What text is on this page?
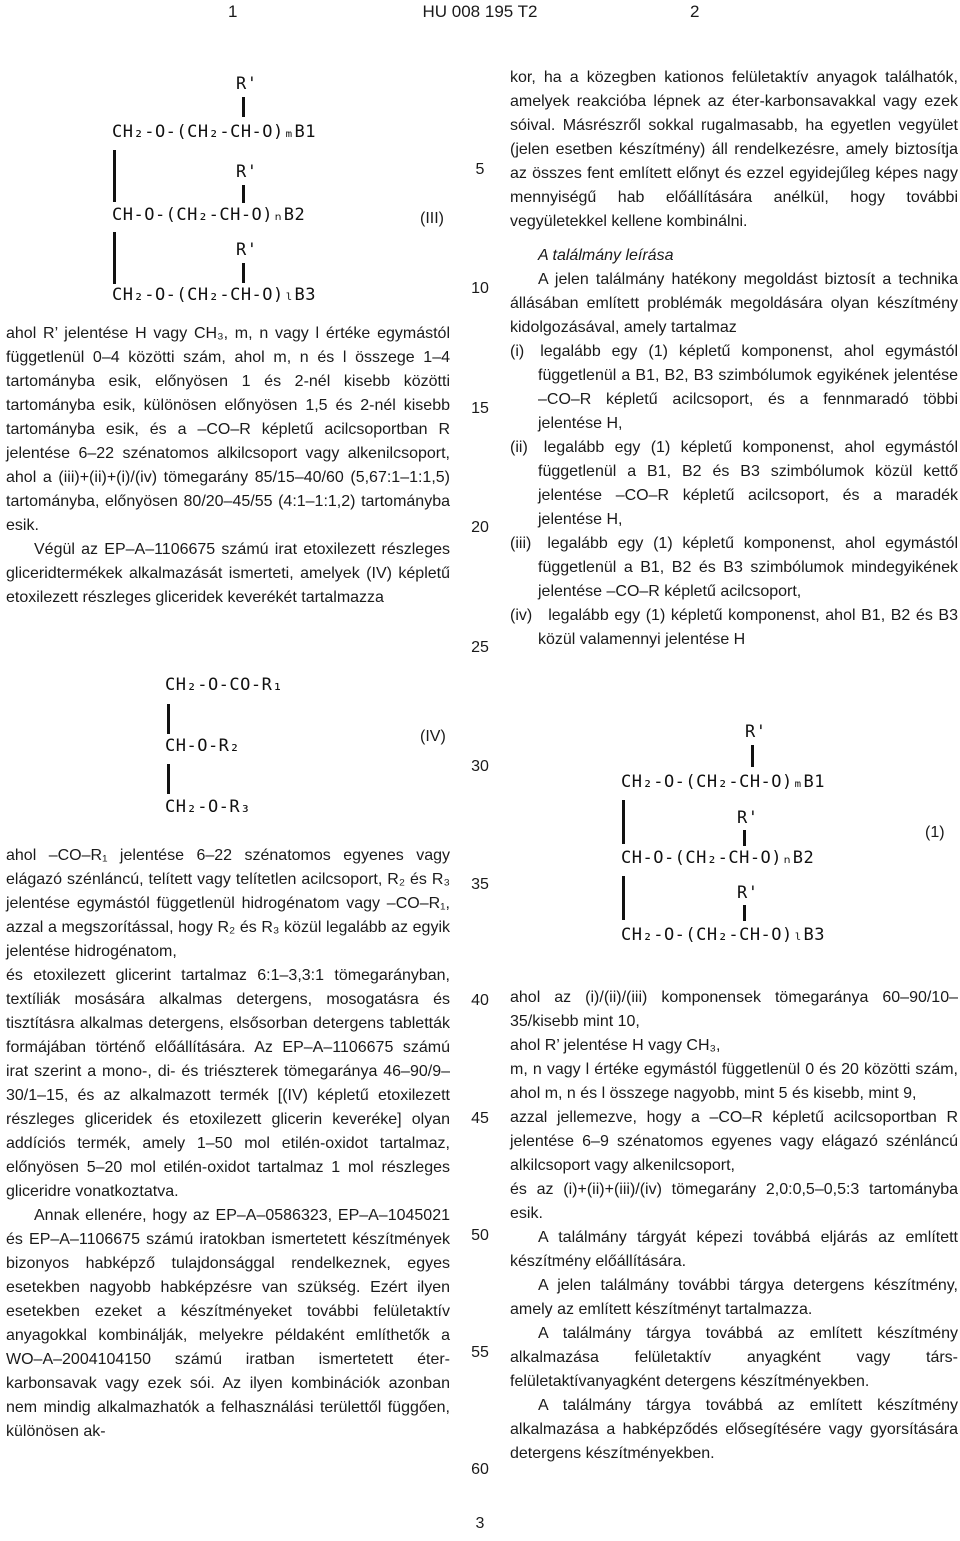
1	HU 008 195 T2	2
R'
CH₂-O-(CH₂-CH-O)ₘB1
R'
CH-O-(CH₂-CH-O)ₙB2
R'
CH₂-O-(CH₂-CH-O)ₗB3
(III)
CH₂-O-CO-R₁
CH-O-R₂
CH₂-O-R₃
(IV)	R'
CH₂-O-(CH₂-CH-O)ₘB1
R'
CH-O-(CH₂-CH-O)ₙB2
R'
CH₂-O-(CH₂-CH-O)ₗB3
(1)
5
10
15
20
25
30
35
40
45
50
55
60

ahol R’ jelentése H vagy CH₃, m, n vagy l értéke egymástól függetlenül 0–4 közötti szám, ahol m, n és l összege 1–4 tartományba esik, előnyösen 1 és 2-nél kisebb közötti tartományba esik, különösen előnyösen 1,5 és 2-nél kisebb tartományba esik, és a –CO–R képletű acilcsoportban R jelentése 6–22 szénatomos alkilcsoport vagy alkenilcsoport, ahol a (iii)+(ii)+(i)/(iv) tömegarány 85/15–40/60 (5,67:1–1:1,5) tartományba, előnyösen 80/20–45/55 (4:1–1:1,2) tartományba esik.

Végül az EP–A–1106675 számú irat etoxilezett részleges gliceridtermékek alkalmazását ismerteti, amelyek (IV) képletű etoxilezett részleges gliceridek keverékét tartalmazza

ahol –CO–R₁ jelentése 6–22 szénatomos egyenes vagy elágazó szénláncú, telített vagy telítetlen acilcsoport, R₂ és R₃ jelentése egymástól függetlenül hidrogénatom vagy –CO–R₁, azzal a megszorítással, hogy R₂ és R₃ közül legalább az egyik jelentése hidrogénatom,

és etoxilezett glicerint tartalmaz 6:1–3,3:1 tömegarányban, textíliák mosására alkalmas detergens, mosogatásra és tisztításra alkalmas detergens, elsősorban detergens tabletták formájában történő előállítására. Az EP–A–1106675 számú irat szerint a mono-, di- és triészterek tömegaránya 46–90/9–30/1–15, és az alkalmazott termék [(IV) képletű etoxilezett részleges gliceridek és etoxilezett glicerin keveréke] olyan addíciós termék, amely 1–50 mol etilén-oxidot tartalmaz, előnyösen 5–20 mol etilén-oxidot tartalmaz 1 mol részleges gliceridre vonatkoztatva.

Annak ellenére, hogy az EP–A–0586323, EP–A–1045021 és EP–A–1106675 számú iratokban ismertetett készítmények bizonyos habképző tulajdonsággal rendelkeznek, egyes esetekben nagyobb habképzésre van szükség. Ezért ilyen esetekben ezeket a készítményeket további felületaktív anyagokkal kombinálják, melyekre példaként említhetők a WO–A–2004104150 számú iratban ismertetett éter-karbonsavak vagy ezek sói. Az ilyen kombinációk azonban nem mindig alkalmazhatók a felhasználási területtől függően, különösen ak-

kor, ha a közegben kationos felületaktív anyagok találhatók, amelyek reakcióba lépnek az éter-karbonsavakkal vagy ezek sóival. Másrészről sokkal rugalmasabb, ha egyetlen vegyület (jelen esetben készítmény) áll rendelkezésre, amely biztosítja az összes fent említett előnyt és ezzel egyidejűleg képes nagy mennyiségű hab előállítására anélkül, hogy további vegyületekkel kellene kombinálni.

A találmány leírása

A jelen találmány hatékony megoldást biztosít a technika állásában említett problémák megoldására olyan készítmény kidolgozásával, amely tartalmaz

(i) legalább egy (1) képletű komponenst, ahol egymástól függetlenül a B1, B2, B3 szimbólumok egyikének jelentése –CO–R képletű acilcsoport, és a fennmaradó többi jelentése H,

(ii) legalább egy (1) képletű komponenst, ahol egymástól függetlenül a B1, B2 és B3 szimbólumok közül kettő jelentése –CO–R képletű acilcsoport, és a maradék jelentése H,

(iii) legalább egy (1) képletű komponenst, ahol egymástól függetlenül a B1, B2 és B3 szimbólumok mindegyikének jelentése –CO–R képletű acilcsoport,

(iv) legalább egy (1) képletű komponenst, ahol B1, B2 és B3 közül valamennyi jelentése H

ahol az (i)/(ii)/(iii) komponensek tömegaránya 60–90/10–35/kisebb mint 10,

ahol R’ jelentése H vagy CH₃,

m, n vagy l értéke egymástól függetlenül 0 és 20 közötti szám, ahol m, n és l összege nagyobb, mint 5 és kisebb, mint 9,

azzal jellemezve, hogy a –CO–R képletű acilcsoportban R jelentése 6–9 szénatomos egyenes vagy elágazó szénláncú alkilcsoport vagy alkenilcsoport,

és az (i)+(ii)+(iii)/(iv) tömegarány 2,0:0,5–0,5:3 tartományba esik.

A találmány tárgyát képezi továbbá eljárás az említett készítmény előállítására.

A jelen találmány további tárgya detergens készítmény, amely az említett készítményt tartalmazza.

A találmány tárgya továbbá az említett készítmény alkalmazása felületaktív anyagként vagy társ-felületaktívanyagként detergens készítményekben.

A találmány tárgya továbbá az említett készítmény alkalmazása a habképződés elősegítésére vagy gyorsítására detergens készítményekben.

3
